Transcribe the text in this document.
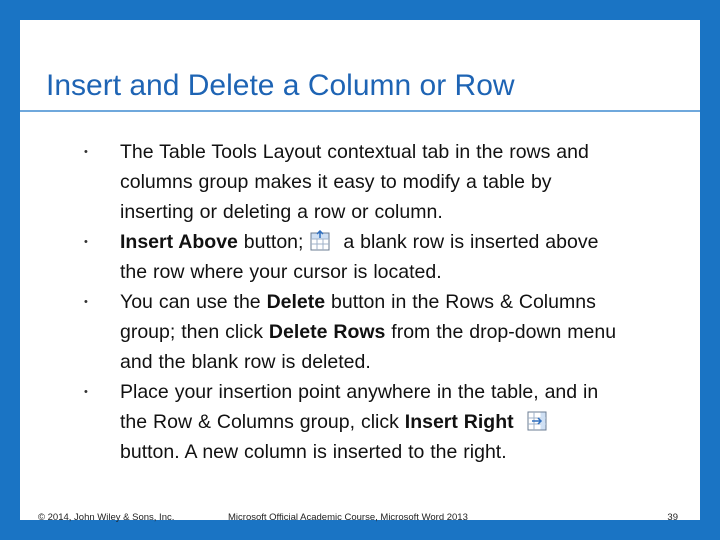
Insert and Delete a Column or Row
• The Table Tools Layout contextual tab in the rows and
columns group makes it easy to modify a table by
inserting or deleting a row or column.
• Insert Above button; a blank row is inserted above
the row where your cursor is located.
• You can use the Delete button in the Rows & Columns
group; then click Delete Rows from the drop-down menu
and the blank row is deleted.
• Place your insertion point anywhere in the table, and in
the Row & Columns group, click Insert Right
button. A new column is inserted to the right.
© 2014, John Wiley & Sons, Inc.	Microsoft Official Academic Course, Microsoft Word 2013	39
